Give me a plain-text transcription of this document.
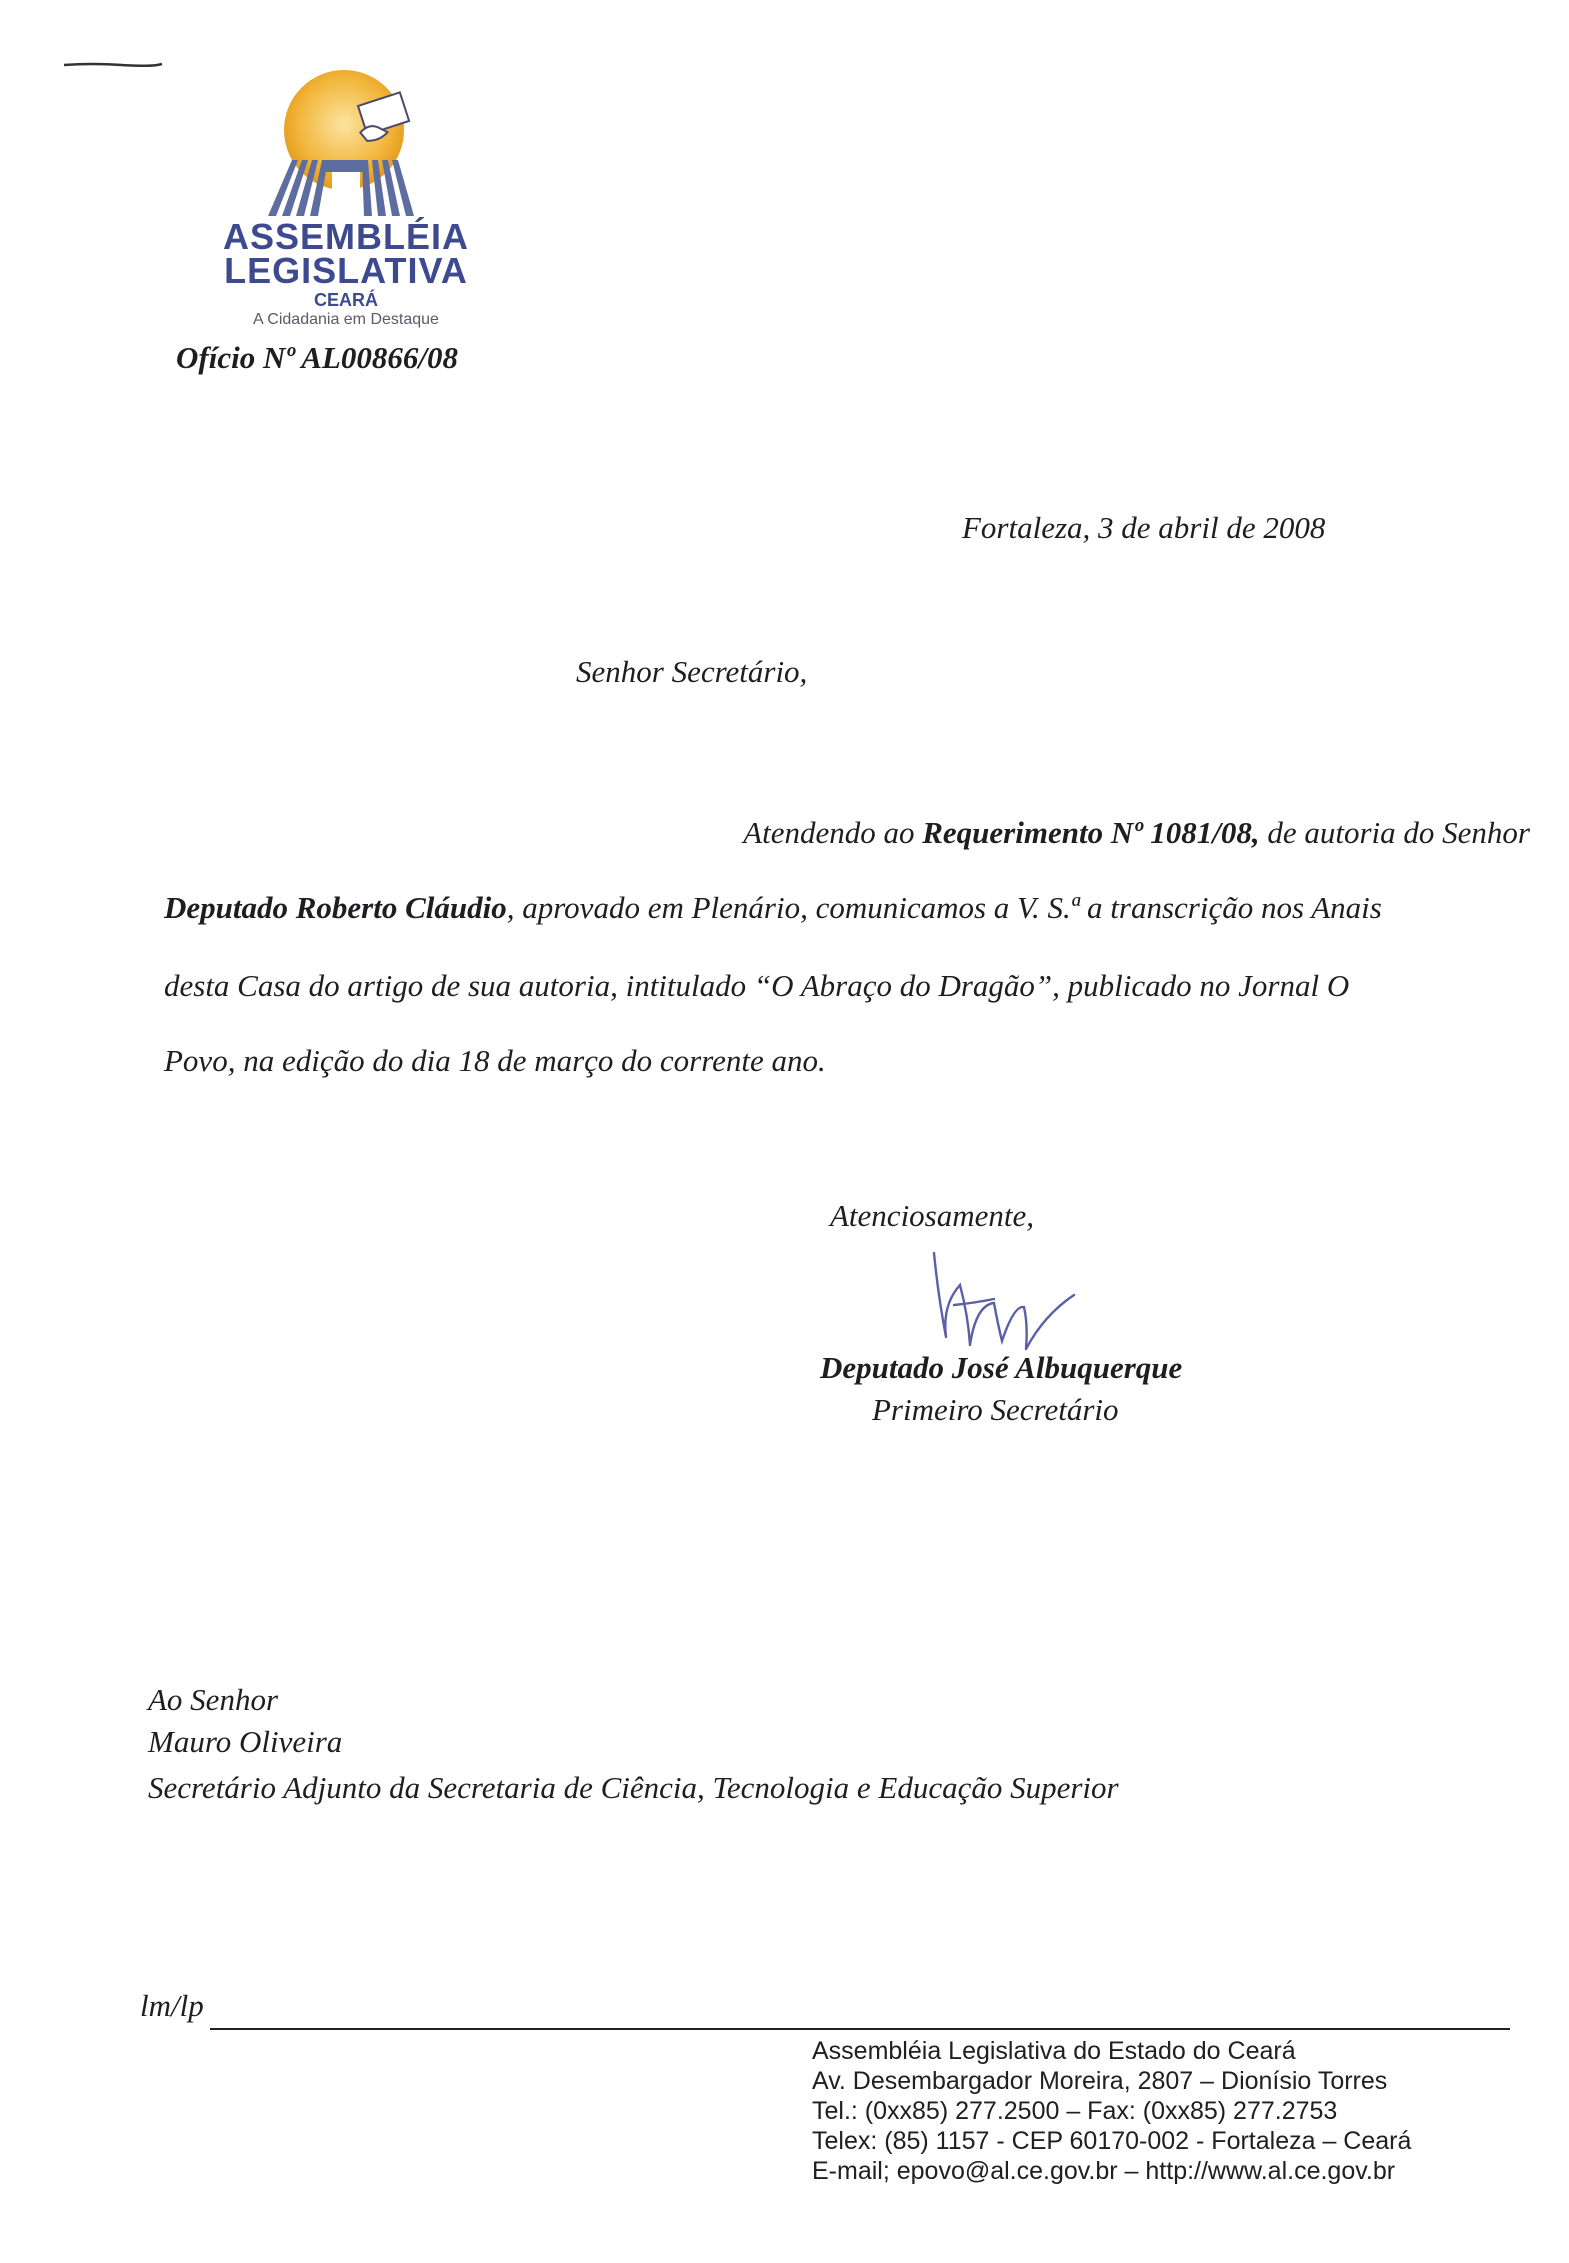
ASSEMBLÉIA
LEGISLATIVA
CEARÁ
A Cidadania em Destaque
Ofício Nº AL00866/08
Fortaleza, 3 de abril de 2008
Senhor Secretário,
Atendendo ao Requerimento Nº 1081/08, de autoria do Senhor
Deputado Roberto Cláudio, aprovado em Plenário, comunicamos a V. S.ª a transcrição nos Anais
desta Casa do artigo de sua autoria, intitulado “O Abraço do Dragão”, publicado no Jornal O
Povo, na edição do dia 18 de março do corrente ano.
Atenciosamente,
Deputado José Albuquerque
Primeiro Secretário
Ao Senhor
Mauro Oliveira
Secretário Adjunto da Secretaria de Ciência, Tecnologia e Educação Superior
lm/lp
Assembléia Legislativa do Estado do Ceará
Av. Desembargador Moreira, 2807 – Dionísio Torres
Tel.: (0xx85) 277.2500 – Fax: (0xx85) 277.2753
Telex: (85) 1157 - CEP 60170-002 - Fortaleza – Ceará
E-mail; epovo@al.ce.gov.br – http://www.al.ce.gov.br
